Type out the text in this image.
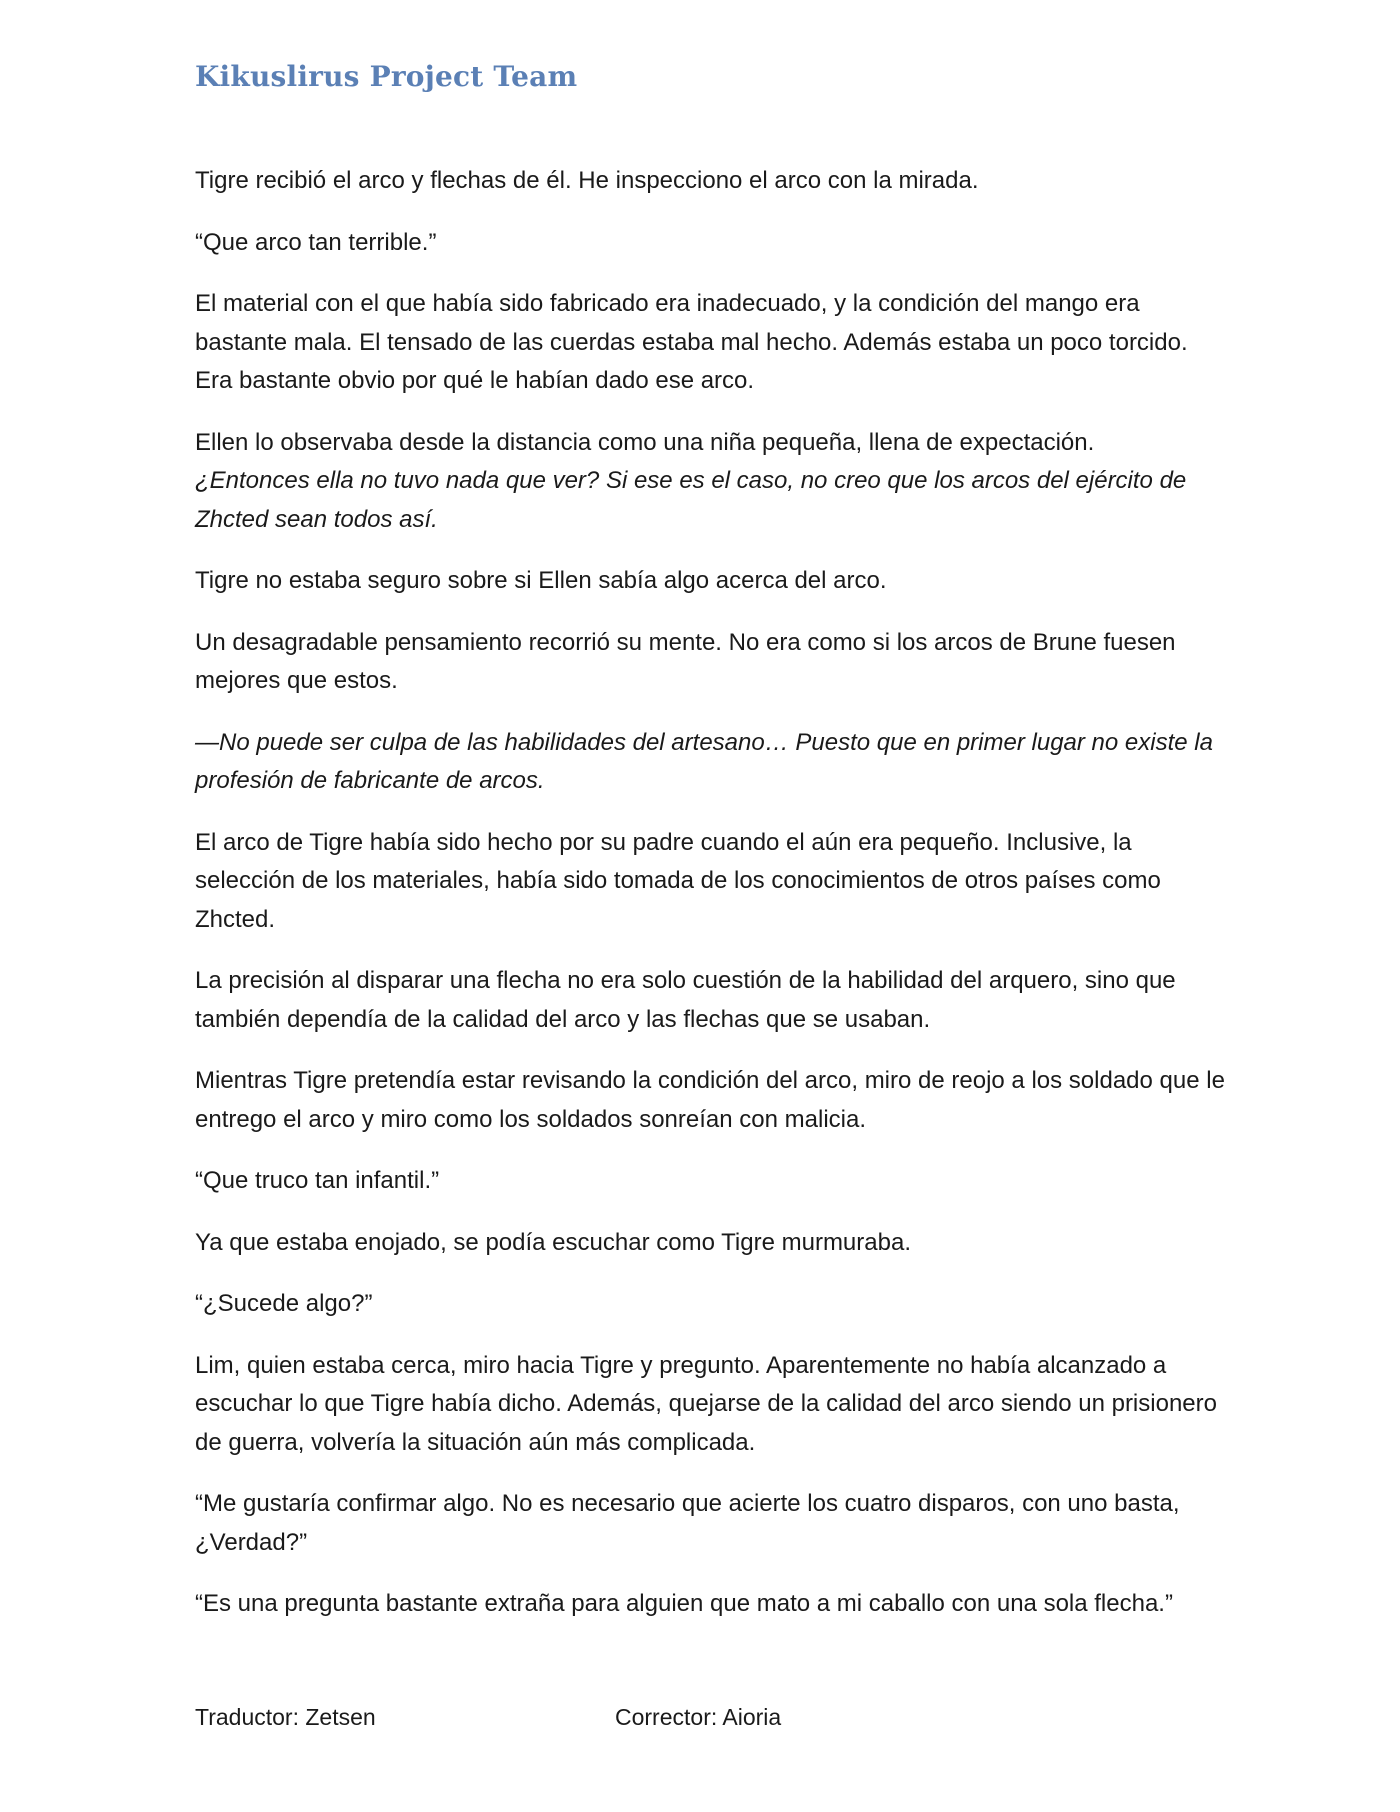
Kikuslirus Project Team

Tigre recibió el arco y flechas de él. He inspecciono el arco con la mirada.

“Que arco tan terrible.”

El material con el que había sido fabricado era inadecuado, y la condición del mango era bastante mala. El tensado de las cuerdas estaba mal hecho. Además estaba un poco torcido. Era bastante obvio por qué le habían dado ese arco.

Ellen lo observaba desde la distancia como una niña pequeña, llena de expectación.
¿Entonces ella no tuvo nada que ver? Si ese es el caso, no creo que los arcos del ejército de Zhcted sean todos así.

Tigre no estaba seguro sobre si Ellen sabía algo acerca del arco.

Un desagradable pensamiento recorrió su mente. No era como si los arcos de Brune fuesen mejores que estos.

—No puede ser culpa de las habilidades del artesano… Puesto que en primer lugar no existe la profesión de fabricante de arcos.

El arco de Tigre había sido hecho por su padre cuando el aún era pequeño. Inclusive, la selección de los materiales, había sido tomada de los conocimientos de otros países como Zhcted.

La precisión al disparar una flecha no era solo cuestión de la habilidad del arquero, sino que también dependía de la calidad del arco y las flechas que se usaban.

Mientras Tigre pretendía estar revisando la condición del arco, miro de reojo a los soldado que le entrego el arco y miro como los soldados sonreían con malicia.

“Que truco tan infantil.”

Ya que estaba enojado, se podía escuchar como Tigre murmuraba.

“¿Sucede algo?”

Lim, quien estaba cerca, miro hacia Tigre y pregunto. Aparentemente no había alcanzado a escuchar lo que Tigre había dicho. Además, quejarse de la calidad del arco siendo un prisionero de guerra, volvería la situación aún más complicada.

“Me gustaría confirmar algo. No es necesario que acierte los cuatro disparos, con uno basta, ¿Verdad?”

“Es una pregunta bastante extraña para alguien que mato a mi caballo con una sola flecha.”

Traductor: Zetsen	Corrector: Aioria
